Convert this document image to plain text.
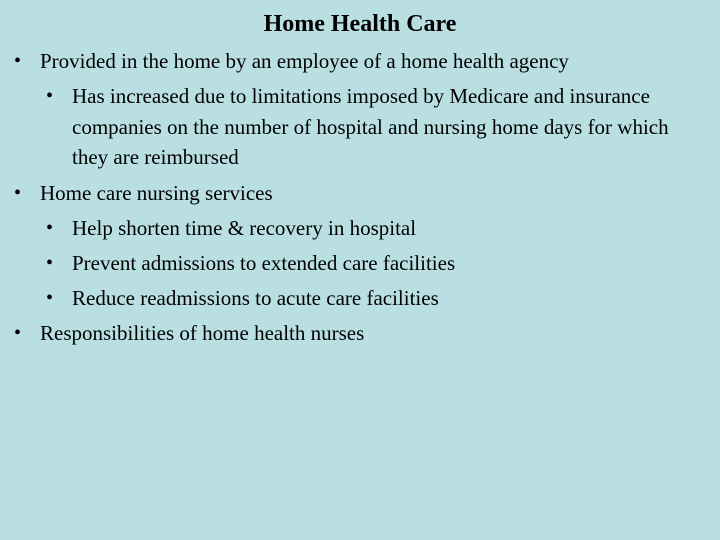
Home Health Care
• Provided in the home by an employee of a home health agency
• Has increased due to limitations imposed by Medicare and insurance companies on the number of hospital and nursing home days for which they are reimbursed
• Home care nursing services
• Help shorten time & recovery in hospital
• Prevent admissions to extended care facilities
• Reduce readmissions to acute care facilities
• Responsibilities of home health nurses
